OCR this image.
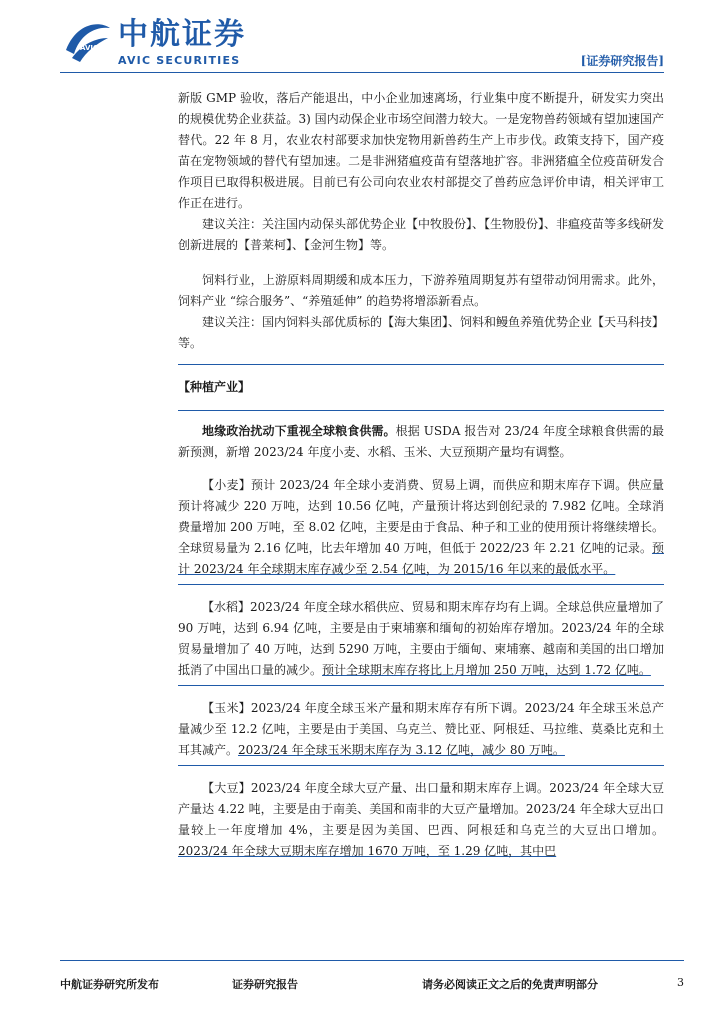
AVIC 中航证券
AVIC SECURITIES	[证券研究报告]

新版 GMP 验收，落后产能退出，中小企业加速离场，行业集中度不断提升，研发实力突出的规模优势企业获益。3) 国内动保企业市场空间潜力较大。一是宠物兽药领域有望加速国产替代。22 年 8 月，农业农村部要求加快宠物用新兽药生产上市步伐。政策支持下，国产疫苗在宠物领域的替代有望加速。二是非洲猪瘟疫苗有望落地扩容。非洲猪瘟全位疫苗研发合作项目已取得积极进展。目前已有公司向农业农村部提交了兽药应急评价申请，相关评审工作正在进行。

建议关注：关注国内动保头部优势企业【中牧股份】、【生物股份】、非瘟疫苗等多线研发创新进展的【普莱柯】、【金河生物】等。

饲料行业，上游原料周期缓和成本压力，下游养殖周期复苏有望带动饲用需求。此外，饲料产业 “综合服务”、“养殖延伸” 的趋势将增添新看点。

建议关注：国内饲料头部优质标的【海大集团】、饲料和鳗鱼养殖优势企业【天马科技】等。

【种植产业】

地缘政治扰动下重视全球粮食供需。根据 USDA 报告对 23/24 年度全球粮食供需的最新预测，新增 2023/24 年度小麦、水稻、玉米、大豆预期产量均有调整。

【小麦】预计 2023/24 年全球小麦消费、贸易上调，而供应和期末库存下调。供应量预计将减少 220 万吨，达到 10.56 亿吨，产量预计将达到创纪录的 7.982 亿吨。全球消费量增加 200 万吨，至 8.02 亿吨，主要是由于食品、种子和工业的使用预计将继续增长。全球贸易量为 2.16 亿吨，比去年增加 40 万吨，但低于 2022/23 年 2.21 亿吨的记录。预计 2023/24 年全球期末库存减少至 2.54 亿吨，为 2015/16 年以来的最低水平。

【水稻】2023/24 年度全球水稻供应、贸易和期末库存均有上调。全球总供应量增加了 90 万吨，达到 6.94 亿吨，主要是由于柬埔寨和缅甸的初始库存增加。2023/24 年的全球贸易量增加了 40 万吨，达到 5290 万吨，主要由于缅甸、柬埔寨、越南和美国的出口增加抵消了中国出口量的减少。预计全球期末库存将比上月增加 250 万吨，达到 1.72 亿吨。

【玉米】2023/24 年度全球玉米产量和期末库存有所下调。2023/24 年全球玉米总产量减少至 12.2 亿吨，主要是由于美国、乌克兰、赞比亚、阿根廷、马拉维、莫桑比克和土耳其减产。2023/24 年全球玉米期末库存为 3.12 亿吨，减少 80 万吨。

【大豆】2023/24 年度全球大豆产量、出口量和期末库存上调。2023/24 年全球大豆产量达 4.22 吨，主要是由于南美、美国和南非的大豆产量增加。2023/24 年全球大豆出口量较上一年度增加 4%，主要是因为美国、巴西、阿根廷和乌克兰的大豆出口增加。2023/24 年全球大豆期末库存增加 1670 万吨，至 1.29 亿吨，其中巴

中航证券研究所发布	证券研究报告	请务必阅读正文之后的免责声明部分	3
